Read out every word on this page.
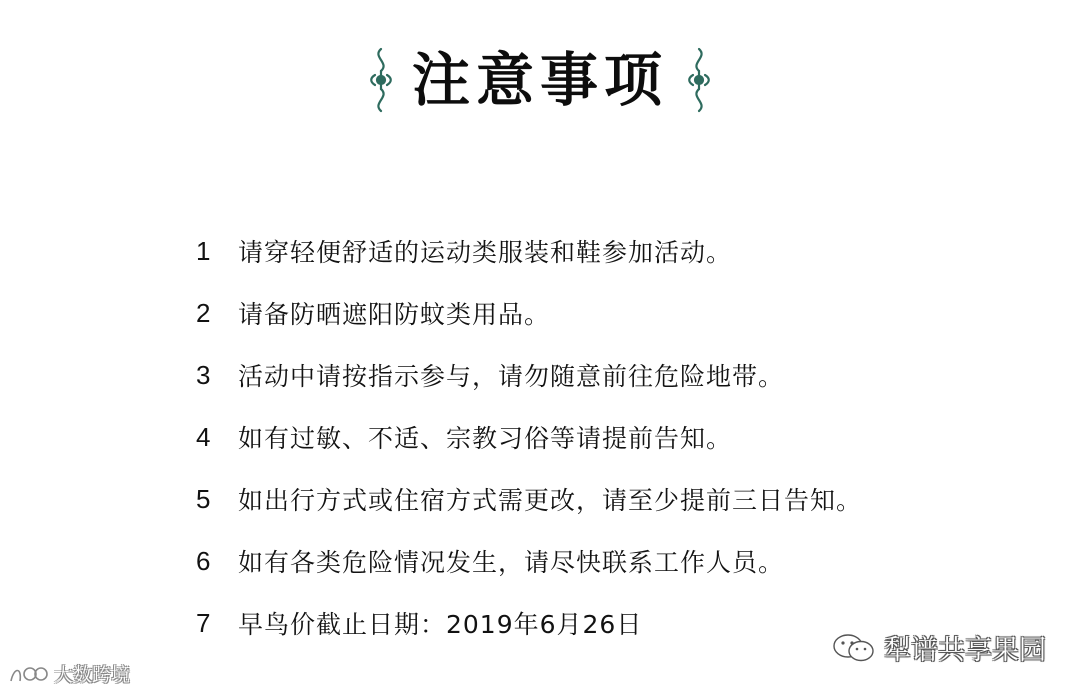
注意事项
1	请穿轻便舒适的运动类服装和鞋参加活动。
2	请备防晒遮阳防蚊类用品。
3	活动中请按指示参与，请勿随意前往危险地带。
4	如有过敏、不适、宗教习俗等请提前告知。
5	如出行方式或住宿方式需更改，请至少提前三日告知。
6	如有各类危险情况发生，请尽快联系工作人员。
7	早鸟价截止日期：2019年6月26日
犁谱共享果园
大数跨境
